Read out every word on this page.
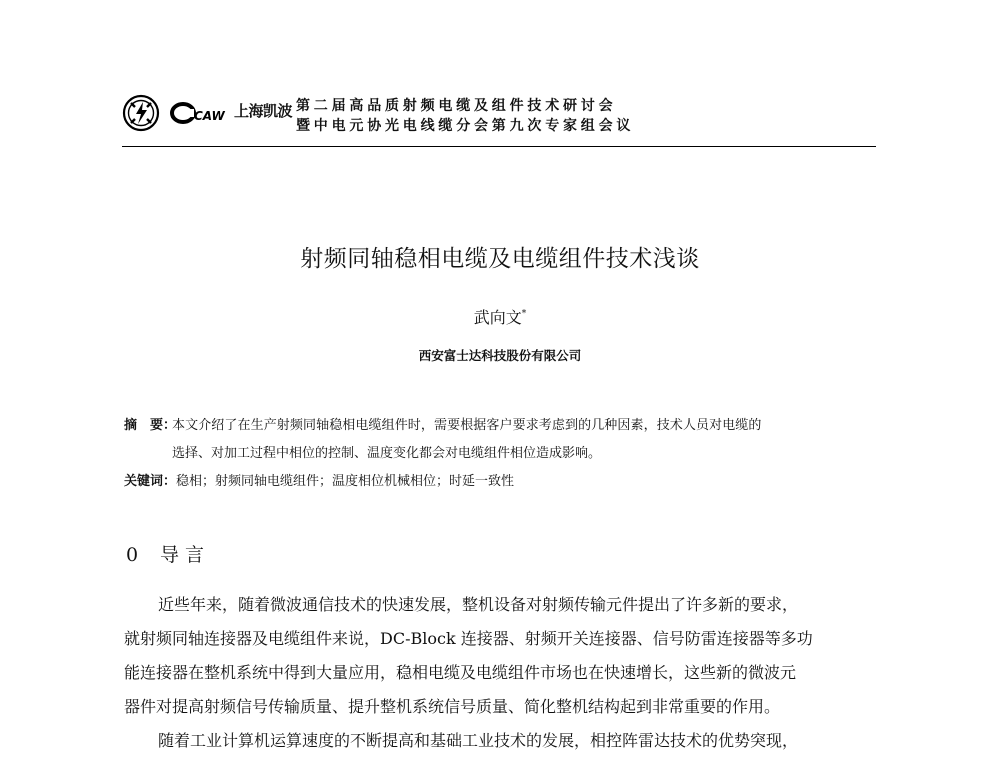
CAW 上海凯波 第二届高品质射频电缆及组件技术研讨会
暨中电元协光电线缆分会第九次专家组会议
射频同轴稳相电缆及电缆组件技术浅谈
武向文*
西安富士达科技股份有限公司
摘　要：
本文介绍了在生产射频同轴稳相电缆组件时，需要根据客户要求考虑到的几种因素，技术人员对电缆的
选择、对加工过程中相位的控制、温度变化都会对电缆组件相位造成影响。
关键词：稳相；射频同轴电缆组件；温度相位机械相位；时延一致性
0 导言
近些年来，随着微波通信技术的快速发展，整机设备对射频传输元件提出了许多新的要求，
就射频同轴连接器及电缆组件来说，DC-Block 连接器、射频开关连接器、信号防雷连接器等多功
能连接器在整机系统中得到大量应用，稳相电缆及电缆组件市场也在快速增长，这些新的微波元
器件对提高射频信号传输质量、提升整机系统信号质量、简化整机结构起到非常重要的作用。
随着工业计算机运算速度的不断提高和基础工业技术的发展，相控阵雷达技术的优势突现，
